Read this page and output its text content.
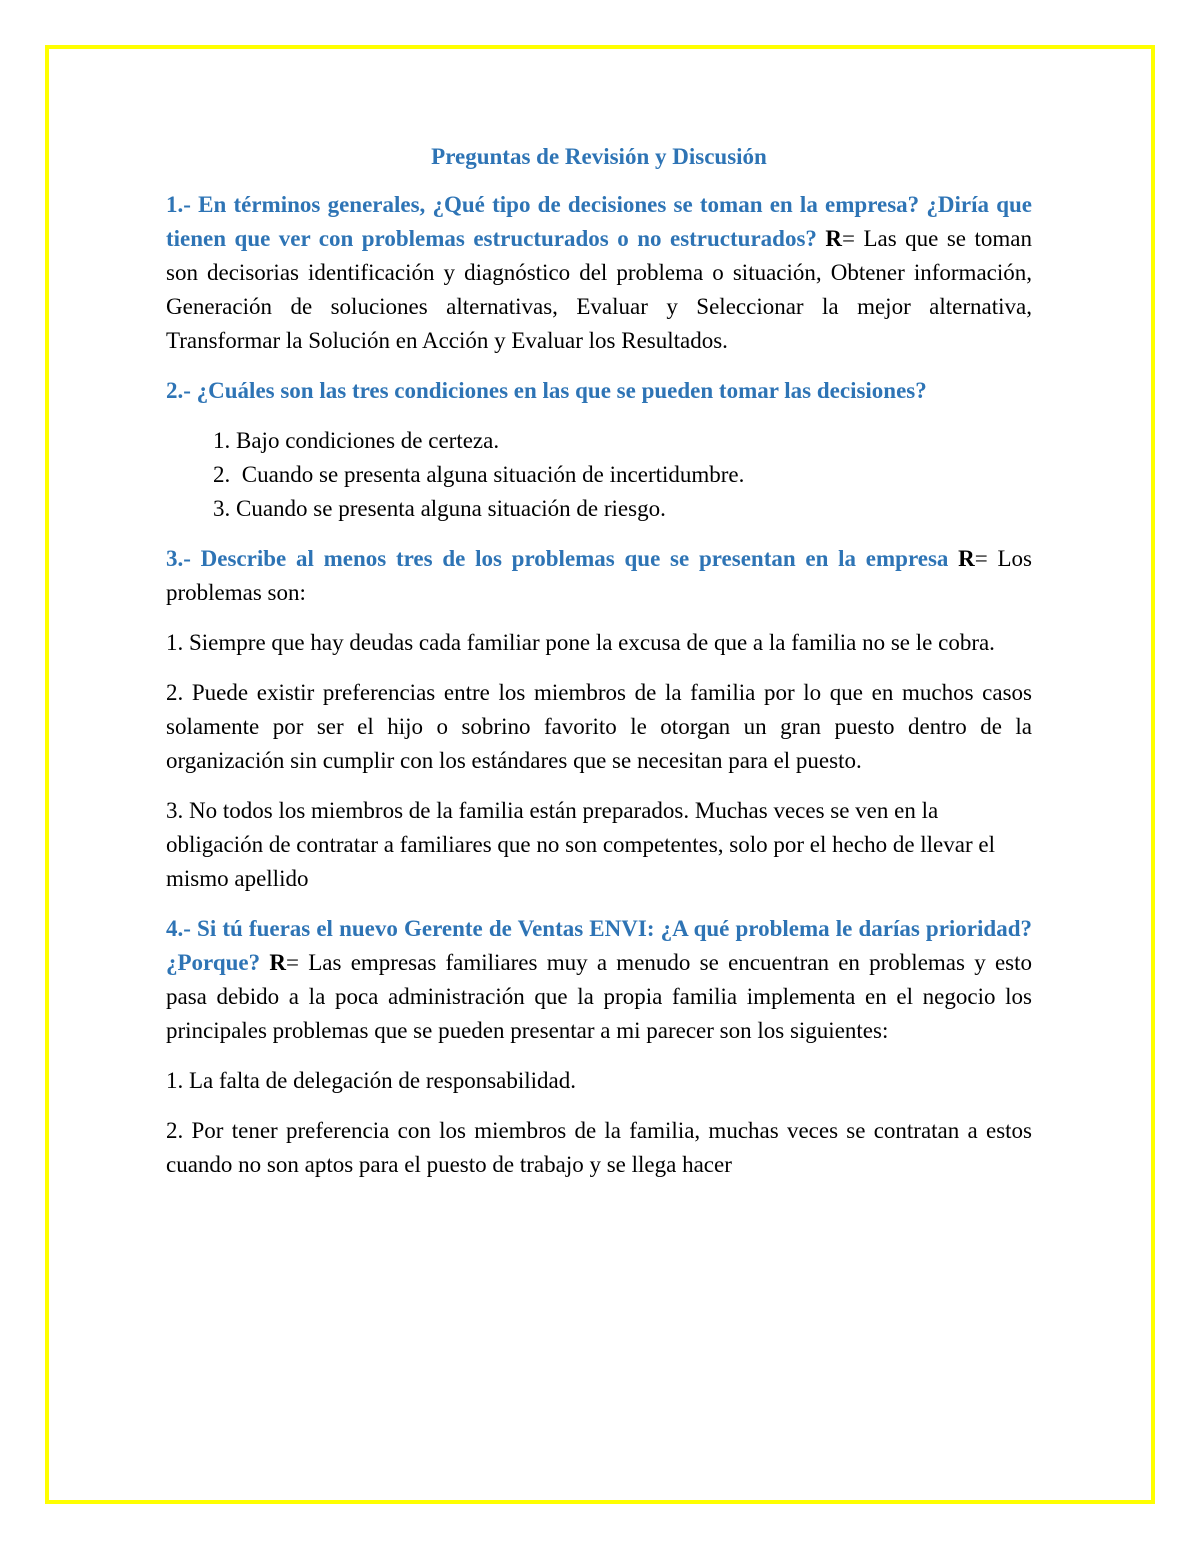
Preguntas de Revisión y Discusión

1.- En términos generales, ¿Qué tipo de decisiones se toman en la empresa? ¿Diría que tienen que ver con problemas estructurados o no estructurados? R= Las que se toman son decisorias identificación y diagnóstico del problema o situación, Obtener información, Generación de soluciones alternativas, Evaluar y Seleccionar la mejor alternativa, Transformar la Solución en Acción y Evaluar los Resultados.

2.- ¿Cuáles son las tres condiciones en las que se pueden tomar las decisiones?

1. Bajo condiciones de certeza.
2.  Cuando se presenta alguna situación de incertidumbre.
3. Cuando se presenta alguna situación de riesgo.

3.- Describe al menos tres de los problemas que se presentan en la empresa R= Los problemas son:

1. Siempre que hay deudas cada familiar pone la excusa de que a la familia no se le cobra.

2. Puede existir preferencias entre los miembros de la familia por lo que en muchos casos solamente por ser el hijo o sobrino favorito le otorgan un gran puesto dentro de la organización sin cumplir con los estándares que se necesitan para el puesto.

3. No todos los miembros de la familia están preparados. Muchas veces se ven en la obligación de contratar a familiares que no son competentes, solo por el hecho de llevar el mismo apellido

4.- Si tú fueras el nuevo Gerente de Ventas ENVI: ¿A qué problema le darías prioridad? ¿Porque? R= Las empresas familiares muy a menudo se encuentran en problemas y esto pasa debido a la poca administración que la propia familia implementa en el negocio los principales problemas que se pueden presentar a mi parecer son los siguientes:

1. La falta de delegación de responsabilidad.

2. Por tener preferencia con los miembros de la familia, muchas veces se contratan a estos cuando no son aptos para el puesto de trabajo y se llega hacer
